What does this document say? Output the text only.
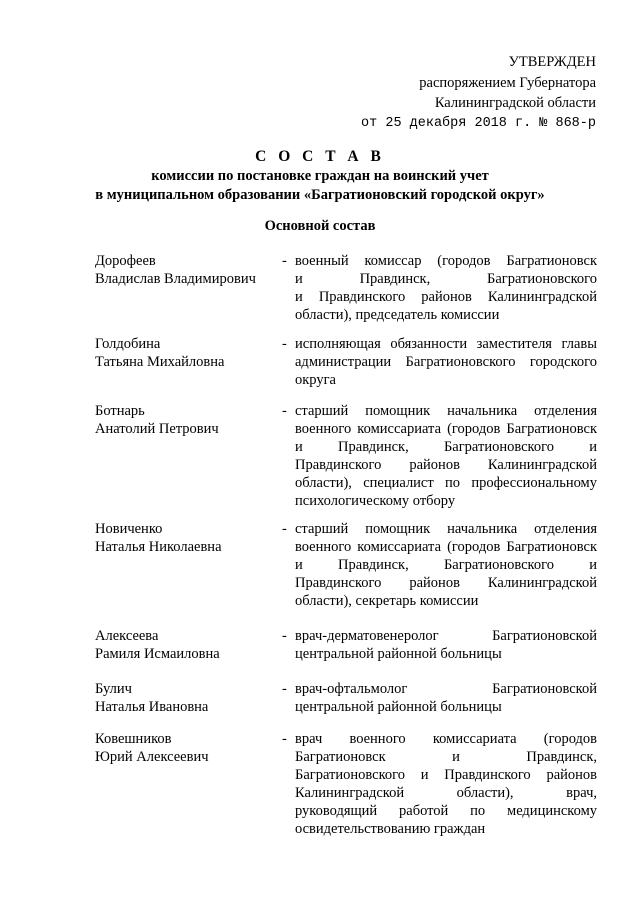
УТВЕРЖДЕН
распоряжением Губернатора
Калининградской области
от 25 декабря 2018 г. № 868-р
С О С Т А В
комиссии по постановке граждан на воинский учет
в муниципальном образовании «Багратионовский городской округ»
Основной состав
Дорофеев
Владислав Владимирович
- военный комиссар (городов Багратионовск
и Правдинск, Багратионовского
и Правдинского районов Калининградской
области), председатель комиссии
Голдобина
Татьяна Михайловна
- исполняющая обязанности заместителя главы
администрации Багратионовского городского
округа
Ботнарь
Анатолий Петрович
- старший помощник начальника отделения
военного комиссариата (городов Багратионовск
и Правдинск, Багратионовского и
Правдинского районов Калининградской
области), специалист по профессиональному
психологическому отбору
Новиченко
Наталья Николаевна
- старший помощник начальника отделения
военного комиссариата (городов Багратионовск
и Правдинск, Багратионовского и
Правдинского районов Калининградской
области), секретарь комиссии
Алексеева
Рамиля Исмаиловна
- врач-дерматовенеролог Багратионовской
центральной районной больницы
Булич
Наталья Ивановна
- врач-офтальмолог Багратионовской
центральной районной больницы
Ковешников
Юрий Алексеевич
- врач военного комиссариата (городов
Багратионовск и Правдинск,
Багратионовского и Правдинского районов
Калининградской области), врач,
руководящий работой по медицинскому
освидетельствованию граждан
